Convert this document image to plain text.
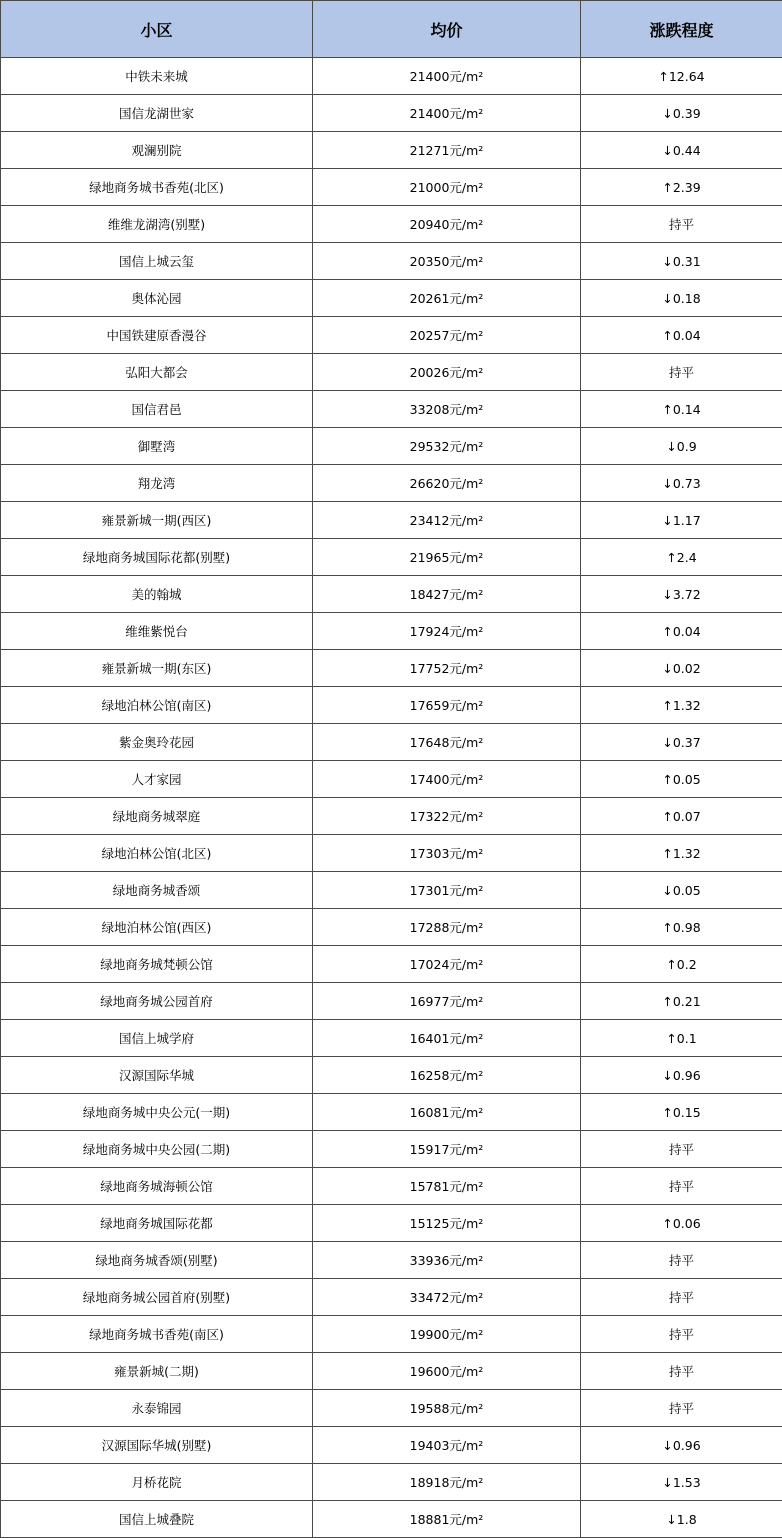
小区	均价	涨跌程度
中铁未来城	21400元/m²	↑12.64
国信龙湖世家	21400元/m²	↓0.39
观澜别院	21271元/m²	↓0.44
绿地商务城书香苑(北区)	21000元/m²	↑2.39
维维龙湖湾(别墅)	20940元/m²	持平
国信上城云玺	20350元/m²	↓0.31
奥体沁园	20261元/m²	↓0.18
中国铁建原香漫谷	20257元/m²	↑0.04
弘阳大都会	20026元/m²	持平
国信君邑	33208元/m²	↑0.14
御墅湾	29532元/m²	↓0.9
翔龙湾	26620元/m²	↓0.73
雍景新城一期(西区)	23412元/m²	↓1.17
绿地商务城国际花都(别墅)	21965元/m²	↑2.4
美的翰城	18427元/m²	↓3.72
维维紫悦台	17924元/m²	↑0.04
雍景新城一期(东区)	17752元/m²	↓0.02
绿地泊林公馆(南区)	17659元/m²	↑1.32
紫金奥玲花园	17648元/m²	↓0.37
人才家园	17400元/m²	↑0.05
绿地商务城翠庭	17322元/m²	↑0.07
绿地泊林公馆(北区)	17303元/m²	↑1.32
绿地商务城香颂	17301元/m²	↓0.05
绿地泊林公馆(西区)	17288元/m²	↑0.98
绿地商务城梵顿公馆	17024元/m²	↑0.2
绿地商务城公园首府	16977元/m²	↑0.21
国信上城学府	16401元/m²	↑0.1
汉源国际华城	16258元/m²	↓0.96
绿地商务城中央公元(一期)	16081元/m²	↑0.15
绿地商务城中央公园(二期)	15917元/m²	持平
绿地商务城海顿公馆	15781元/m²	持平
绿地商务城国际花都	15125元/m²	↑0.06
绿地商务城香颂(别墅)	33936元/m²	持平
绿地商务城公园首府(别墅)	33472元/m²	持平
绿地商务城书香苑(南区)	19900元/m²	持平
雍景新城(二期)	19600元/m²	持平
永泰锦园	19588元/m²	持平
汉源国际华城(别墅)	19403元/m²	↓0.96
月桥花院	18918元/m²	↓1.53
国信上城叠院	18881元/m²	↓1.8
